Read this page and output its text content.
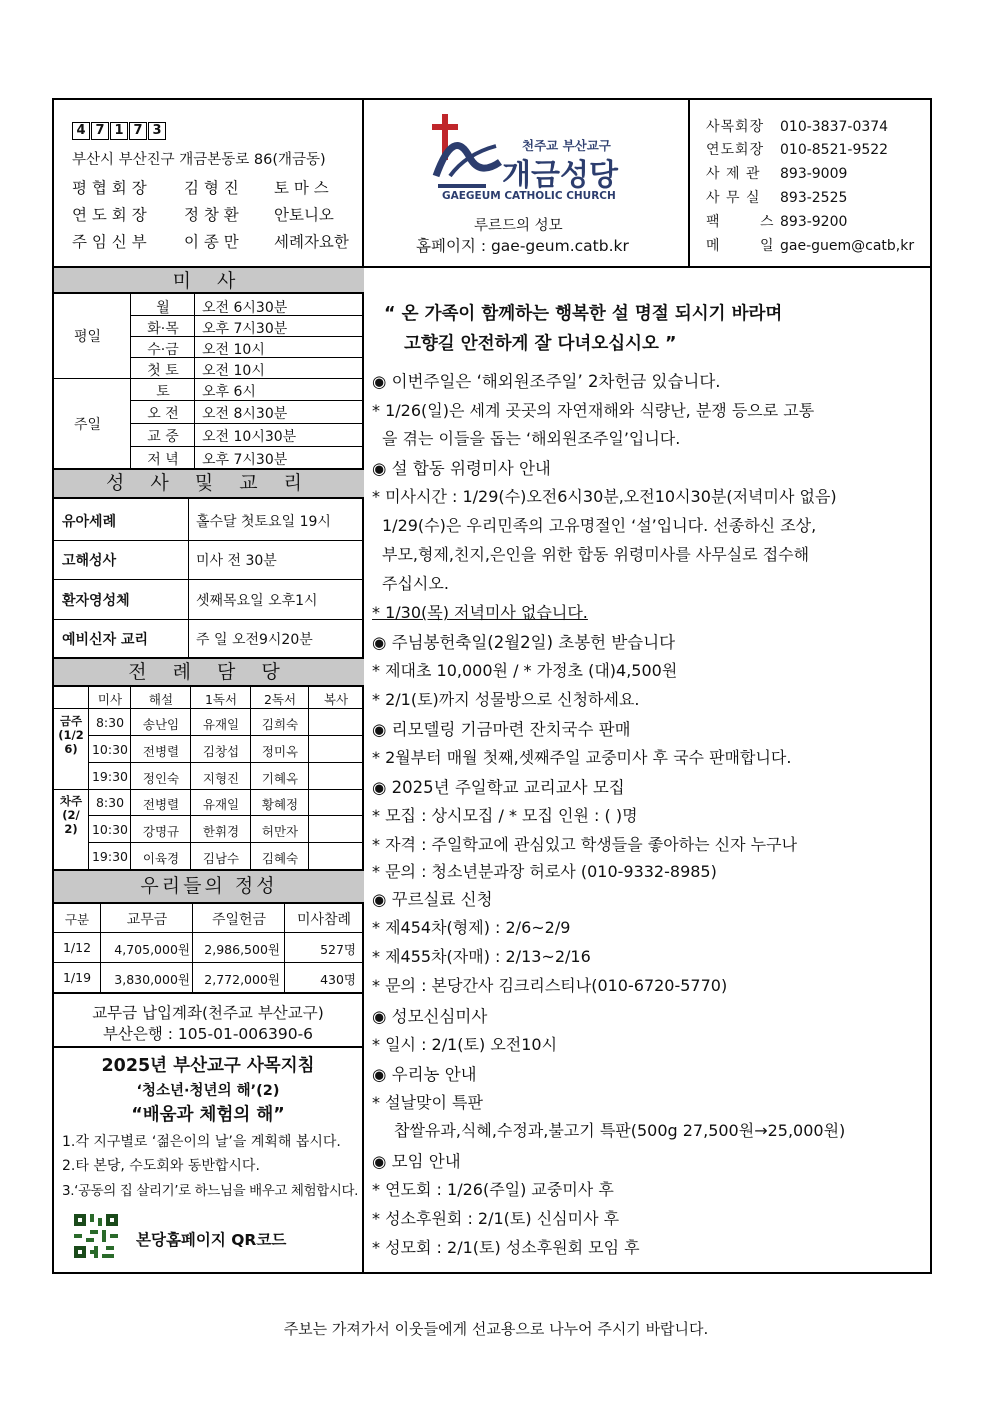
4 7 1 7 3
부산시 부산진구 개금본동로 86(개금동)
평 협 회 장 김 형 진 토 마 스
연 도 회 장 정 창 환 안토니오
주 임 신 부 이 종 만 세례자요한
천주교 부산교구
개금성당
GAEGEUM CATHOLIC CHURCH
루르드의 성모
홈페이지 : gae-geum.catb.kr
사목회장 010-3837-0374
연도회장 010-8521-9522
사 제 관 893-9009
사 무 실 893-2525
팩 스893-9200
메 일gae-guem@catb,kr
미 사
평일
주일
월	오전 6시30분
화·목	오후 7시30분
수·금	오전 10시
첫 토	오전 10시
토	오후 6시
오 전	오전 8시30분
교 중	오전 10시30분
저 녁	오후 7시30분
성 사 및 교 리
유아세례	홀수달 첫토요일 19시
고해성사	미사 전 30분
환자영성체	셋째목요일 오후1시
예비신자 교리	주 일 오전9시20분
전 례 담 당
미사	해설	1독서	2독서	복사
금주(1/26)
차주(2/2)
8:30	송난임	유재일	김희숙
10:30	전병렬	김창섭	정미옥
19:30	정인숙	지형진	기혜옥
8:30	전병렬	유재일	황혜정
10:30	강명규	한휘경	허만자
19:30	이육경	김남수	김혜숙
우리들의 정성
구분	교무금	주일헌금	미사참례
1/12	4,705,000원	2,986,500원	527명
1/19	3,830,000원	2,772,000원	430명
교무금 납입계좌(천주교 부산교구)
부산은행 : 105-01-006390-6
2025년 부산교구 사목지침
‘청소년·청년의 해’(2)
“배움과 체험의 해”
1.각 지구별로 ‘젊은이의 날’을 계획해 봅시다.
2.타 본당, 수도회와 동반합시다.
3.‘공동의 집 살리기’로 하느님을 배우고 체험합시다.
본당홈페이지 QR코드
“ 온 가족이 함께하는 행복한 설 명절 되시기 바라며
고향길 안전하게 잘 다녀오십시오 ”
◉ 이번주일은 ‘해외원조주일’ 2차헌금 있습니다.
* 1/26(일)은 세계 곳곳의 자연재해와 식량난, 분쟁 등으로 고통
을 겪는 이들을 돕는 ‘해외원조주일’입니다.
◉ 설 합동 위령미사 안내
* 미사시간 : 1/29(수)오전6시30분,오전10시30분(저녁미사 없음)
1/29(수)은 우리민족의 고유명절인 ‘설’입니다. 선종하신 조상,
부모,형제,친지,은인을 위한 합동 위령미사를 사무실로 접수해
주십시오.
* 1/30(목) 저녁미사 없습니다.
◉ 주님봉헌축일(2월2일) 초봉헌 받습니다
* 제대초 10,000원 / * 가정초 (대)4,500원
* 2/1(토)까지 성물방으로 신청하세요.
◉ 리모델링 기금마련 잔치국수 판매
* 2월부터 매월 첫째,셋째주일 교중미사 후 국수 판매합니다.
◉ 2025년 주일학교 교리교사 모집
* 모집 : 상시모집 / * 모집 인원 : ( )명
* 자격 : 주일학교에 관심있고 학생들을 좋아하는 신자 누구나
* 문의 : 청소년분과장 허로사 (010-9332-8985)
◉ 꾸르실료 신청
* 제454차(형제) : 2/6~2/9
* 제455차(자매) : 2/13~2/16
* 문의 : 본당간사 김크리스티나(010-6720-5770)
◉ 성모신심미사
* 일시 : 2/1(토) 오전10시
◉ 우리농 안내
* 설날맞이 특판
찹쌀유과,식혜,수정과,불고기 특판(500g 27,500원→25,000원)
◉ 모임 안내
* 연도회 : 1/26(주일) 교중미사 후
* 성소후원회 : 2/1(토) 신심미사 후
* 성모회 : 2/1(토) 성소후원회 모임 후
주보는 가져가서 이웃들에게 선교용으로 나누어 주시기 바랍니다.
